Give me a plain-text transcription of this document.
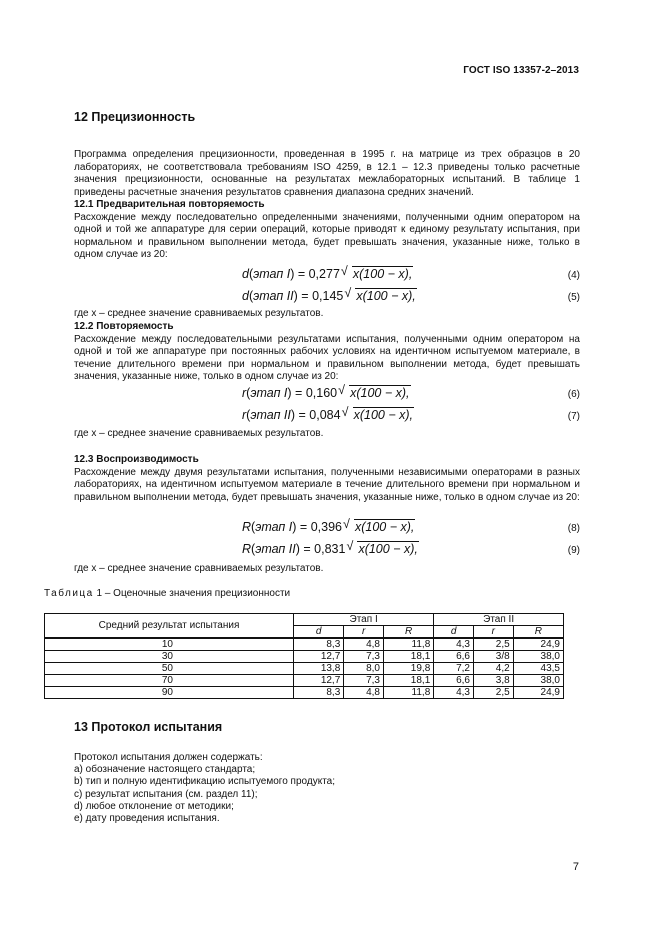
ГОСТ ISO 13357-2–2013
12 Прецизионность

Программа определения прецизионности, проведенная в 1995 г. на матрице из трех образцов в 20 лабораториях, не соответствовала требованиям ISO 4259, в 12.1 – 12.3 приведены только расчетные значения прецизионности, основанные на результатах межлабораторных испытаний. В таблице 1 приведены расчетные значения результатов сравнения диапазона средних значений.

12.1 Предварительная повторяемость

Расхождение между последовательно определенными значениями, полученными одним оператором на одной и той же аппаратуре для серии операций, которые приводят к единому результату испытания, при нормальном и правильном выполнении метода, будет превышать значения, указанные ниже, только в одном случае из 20:

d(этап I) = 0,277 √ x(100 − x),	(4)
d(этап II) = 0,145 √ x(100 − x),	(5)
где x – среднее значение сравниваемых результатов.

12.2 Повторяемость

Расхождение между последовательными результатами испытания, полученными одним оператором на одной и той же аппаратуре при постоянных рабочих условиях на идентичном испытуемом материале, в течение длительного времени при нормальном и правильном выполнении метода, будет превышать значения, указанные ниже, только в одном случае из 20:

r(этап I) = 0,160 √ x(100 − x),	(6)
r(этап II) = 0,084 √ x(100 − x),	(7)
где x – среднее значение сравниваемых результатов.

12.3 Воспроизводимость

Расхождение между двумя результатами испытания, полученными независимыми операторами в разных лабораториях, на идентичном испытуемом материале в течение длительного времени при нормальном и правильном выполнении метода, будет превышать значения, указанные ниже, только в одном случае из 20:

R(этап I) = 0,396 √ x(100 − x),	(8)
R(этап II) = 0,831 √ x(100 − x),	(9)
где x – среднее значение сравниваемых результатов.
Таблица 1 – Оценочные значения прецизионности
Средний результат испытания	Этап I			Этап II		
	d	r	R	d	r	R
10	8,3	4,8	11,8	4,3	2,5	24,9
30	12,7	7,3	18,1	6,6	3/8	38,0
50	13,8	8,0	19,8	7,2	4,2	43,5
70	12,7	7,3	18,1	6,6	3,8	38,0
90	8,3	4,8	11,8	4,3	2,5	24,9
13 Протокол испытания
Протокол испытания должен содержать:
a) обозначение настоящего стандарта;
b) тип и полную идентификацию испытуемого продукта;
c) результат испытания (см. раздел 11);
d) любое отклонение от методики;
e) дату проведения испытания.
7
